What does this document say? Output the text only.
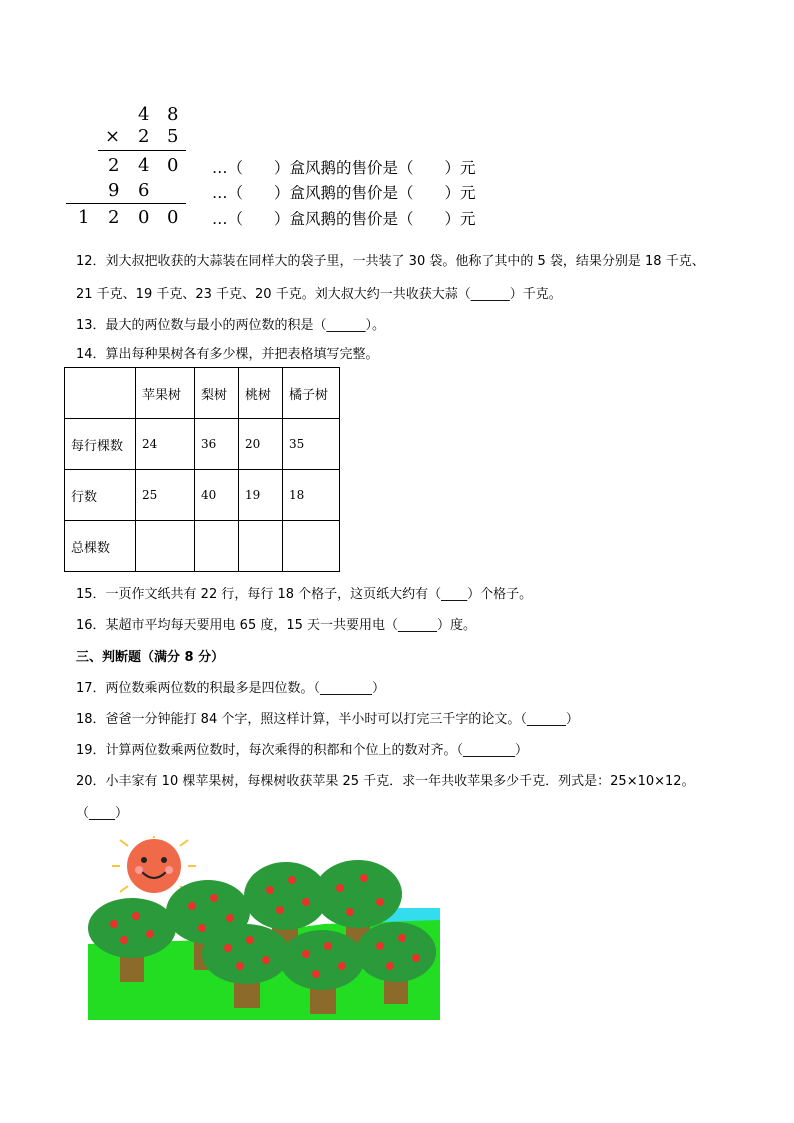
4 8
× 2 5
2 4 0
9 6
1 2 0 0
…（　　）盒风鹅的售价是（　　）元
…（　　）盒风鹅的售价是（　　）元
…（　　）盒风鹅的售价是（　　）元
12．刘大叔把收获的大蒜装在同样大的袋子里，一共装了 30 袋。他称了其中的 5 袋，结果分别是 18 千克、
21 千克、19 千克、23 千克、20 千克。刘大叔大约一共收获大蒜（______）千克。
13．最大的两位数与最小的两位数的积是（______）。
14．算出每种果树各有多少棵，并把表格填写完整。
	苹果树	梨树	桃树	橘子树
每行棵数	24	36	20	35
行数	25	40	19	18
总棵数				
15．一页作文纸共有 22 行，每行 18 个格子，这页纸大约有（____）个格子。
16．某超市平均每天要用电 65 度，15 天一共要用电（______）度。
三、判断题（满分 8 分）
17．两位数乘两位数的积最多是四位数。（________）
18．爸爸一分钟能打 84 个字，照这样计算，半小时可以打完三千字的论文。（______）
19．计算两位数乘两位数时，每次乘得的积都和个位上的数对齐。（________）
20．小丰家有 10 棵苹果树，每棵树收获苹果 25 千克．求一年共收苹果多少千克．列式是：25×10×12。
（____）
